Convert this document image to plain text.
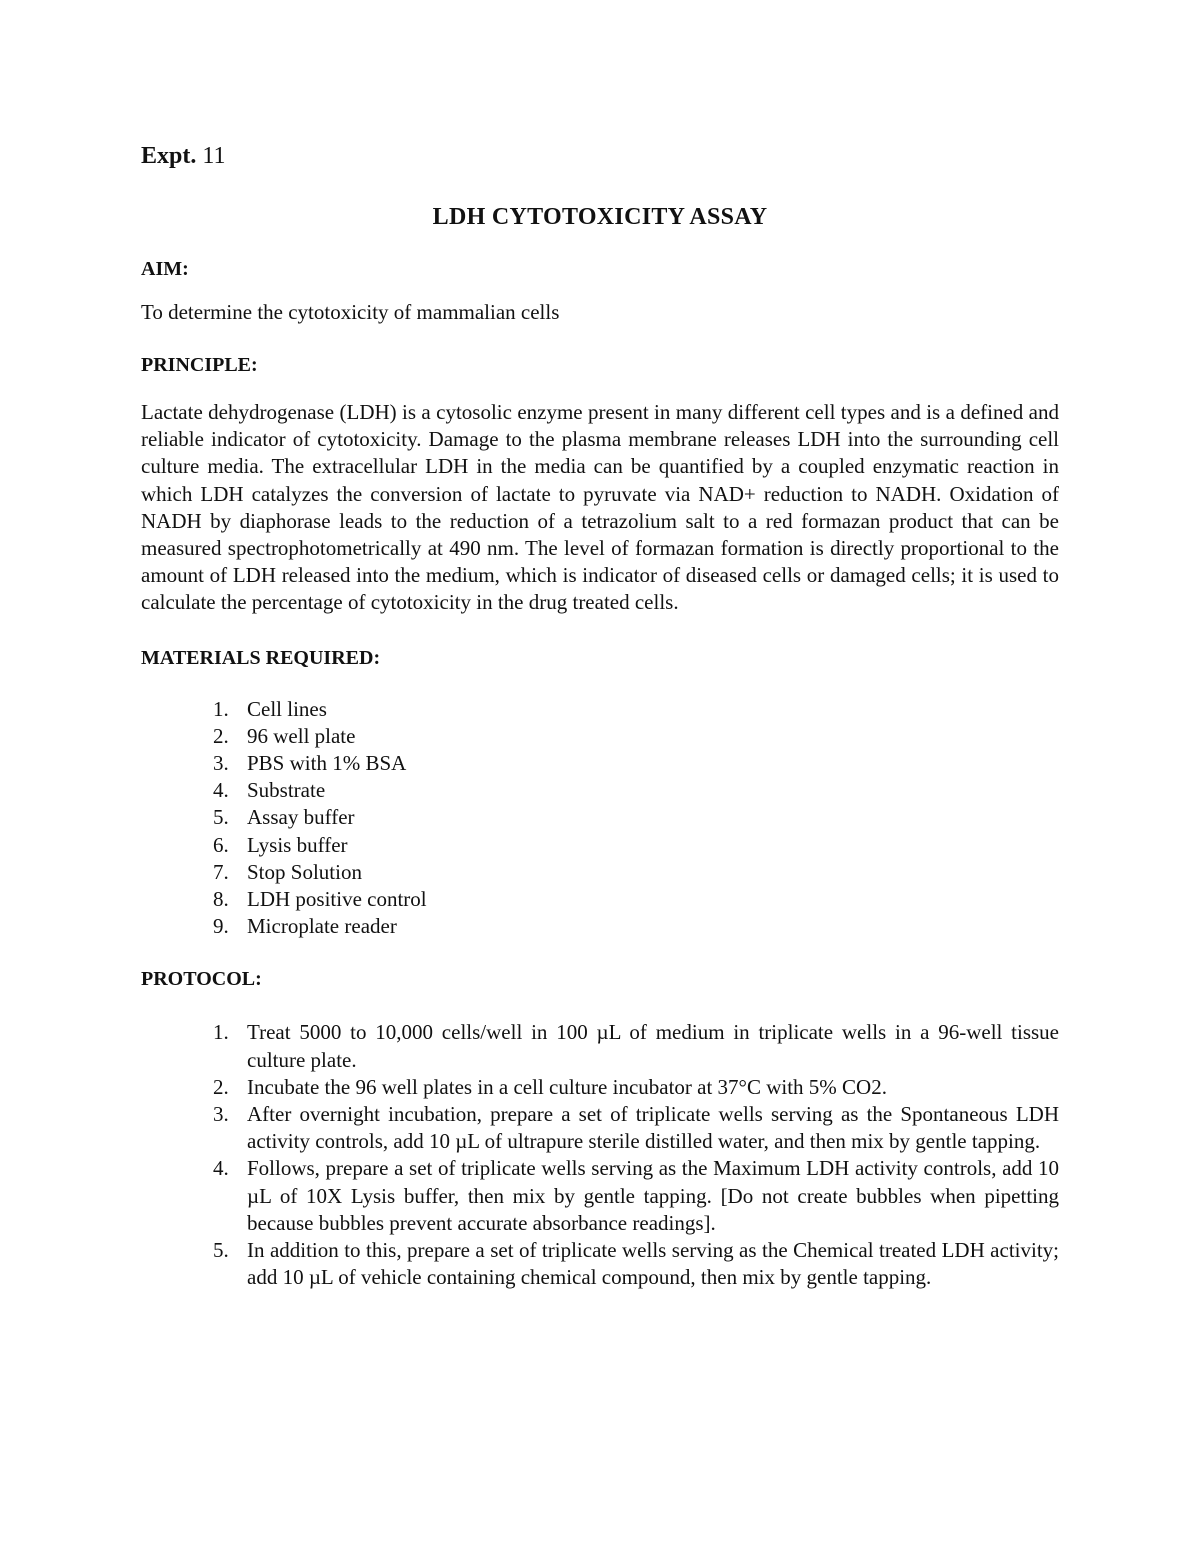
Expt. 11

LDH CYTOTOXICITY ASSAY
AIM:

To determine the cytotoxicity of mammalian cells

PRINCIPLE:

Lactate dehydrogenase (LDH) is a cytosolic enzyme present in many different cell types and is a defined and reliable indicator of cytotoxicity. Damage to the plasma membrane releases LDH into the surrounding cell culture media. The extracellular LDH in the media can be quantified by a coupled enzymatic reaction in which LDH catalyzes the conversion of lactate to pyruvate via NAD+ reduction to NADH. Oxidation of NADH by diaphorase leads to the reduction of a tetrazolium salt to a red formazan product that can be measured spectrophotometrically at 490 nm. The level of formazan formation is directly proportional to the amount of LDH released into the medium, which is indicator of diseased cells or damaged cells; it is used to calculate the percentage of cytotoxicity in the drug treated cells.

MATERIALS REQUIRED:
1. Cell lines
2. 96 well plate
3. PBS with 1% BSA
4. Substrate
5. Assay buffer
6. Lysis buffer
7. Stop Solution
8. LDH positive control
9. Microplate reader
PROTOCOL:
1. Treat 5000 to 10,000 cells/well in 100 µL of medium in triplicate wells in a 96-well tissue culture plate.
2. Incubate the 96 well plates in a cell culture incubator at 37°C with 5% CO2.
3. After overnight incubation, prepare a set of triplicate wells serving as the Spontaneous LDH activity controls, add 10 µL of ultrapure sterile distilled water, and then mix by gentle tapping.
4. Follows, prepare a set of triplicate wells serving as the Maximum LDH activity controls, add 10 µL of 10X Lysis buffer, then mix by gentle tapping. [Do not create bubbles when pipetting because bubbles prevent accurate absorbance readings].
5. In addition to this, prepare a set of triplicate wells serving as the Chemical treated LDH activity; add 10 µL of vehicle containing chemical compound, then mix by gentle tapping.
